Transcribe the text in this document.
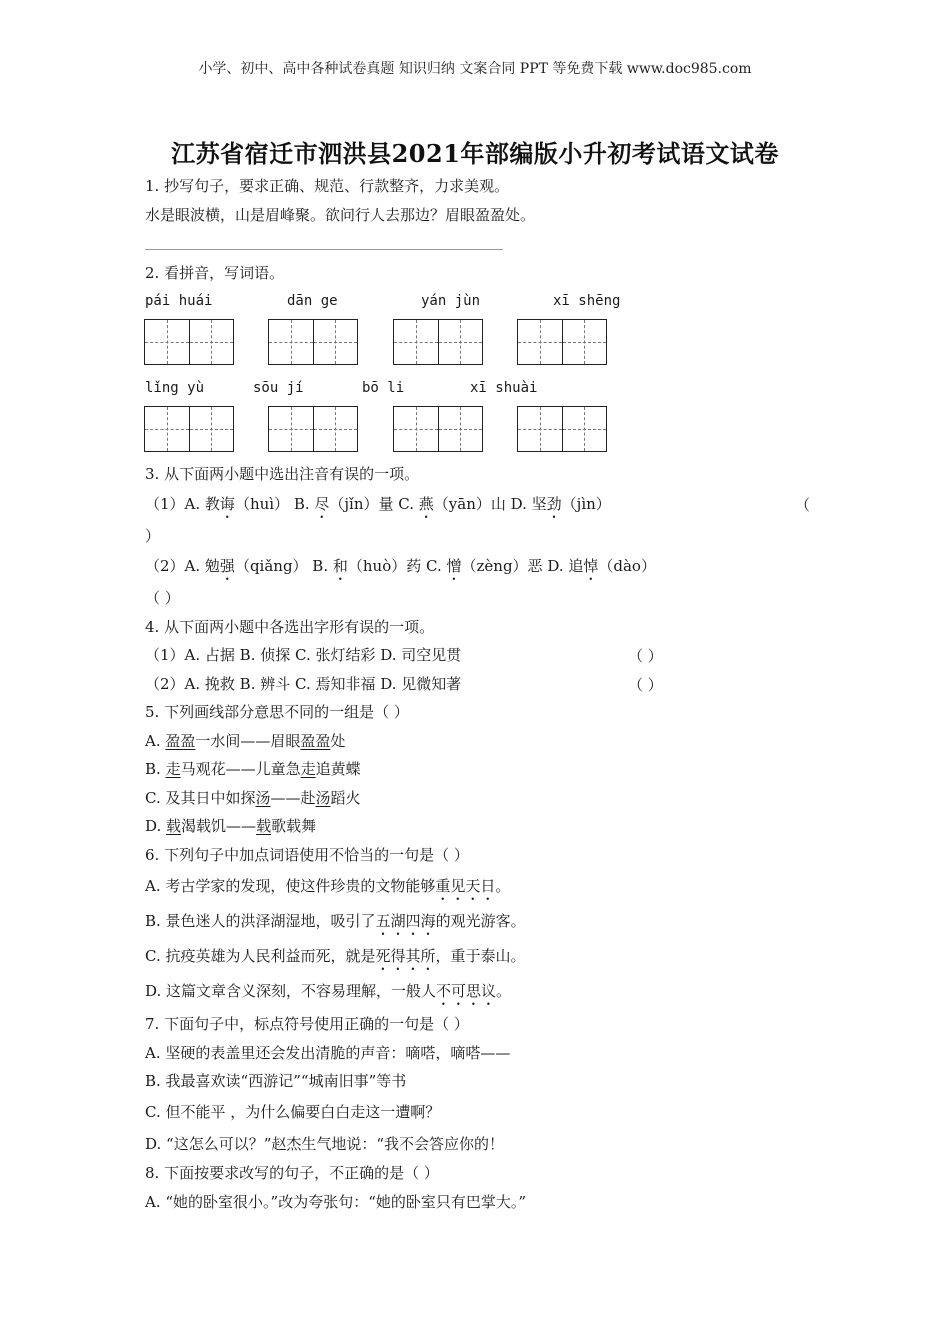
小学、初中、高中各种试卷真题 知识归纳 文案合同 PPT 等免费下载 www.doc985.com
江苏省宿迁市泗洪县2021年部编版小升初考试语文试卷
1. 抄写句子，要求正确、规范、行款整齐，力求美观。
水是眼波横，山是眉峰聚。欲问行人去那边？眉眼盈盈处。
2. 看拼音，写词语。
pái huái	dān ge	yán jùn	xī shēng
lǐng yù	sōu jí	bō li	xī shuài
3. 从下面两小题中选出注音有误的一项。
（1）A. 教诲（huì） B. 尽（jǐn）量 C. 燕（yān）山 D. 坚劲（jìn）	（
）
（2）A. 勉强（qiǎng） B. 和（huò）药 C. 憎（zèng）恶 D. 追悼（dào）
（ ）
4. 从下面两小题中各选出字形有误的一项。
（1）A. 占据 B. 侦探 C. 张灯结彩 D. 司空见贯	（ ）
（2）A. 挽救 B. 辨斗 C. 焉知非福 D. 见微知著	（ ）
5. 下列画线部分意思不同的一组是（ ）
A. 盈盈一水间——眉眼盈盈处
B. 走马观花——儿童急走追黄蝶
C. 及其日中如探汤——赴汤蹈火
D. 载渴载饥——载歌载舞
6. 下列句子中加点词语使用不恰当的一句是（ ）
A. 考古学家的发现，使这件珍贵的文物能够重见天日。
B. 景色迷人的洪泽湖湿地，吸引了五湖四海的观光游客。
C. 抗疫英雄为人民利益而死，就是死得其所，重于泰山。
D. 这篇文章含义深刻，不容易理解，一般人不可思议。
7. 下面句子中，标点符号使用正确的一句是（ ）
A. 坚硬的表盖里还会发出清脆的声音：嘀嗒，嘀嗒——
B. 我最喜欢读“西游记”“城南旧事”等书
C. 但不能平 ，为什么偏要白白走这一遭啊？
D. “这怎么可以？”赵杰生气地说：“我不会答应你的！
8. 下面按要求改写的句子，不正确的是（ ）
A. “她的卧室很小。”改为夸张句：“她的卧室只有巴掌大。”
